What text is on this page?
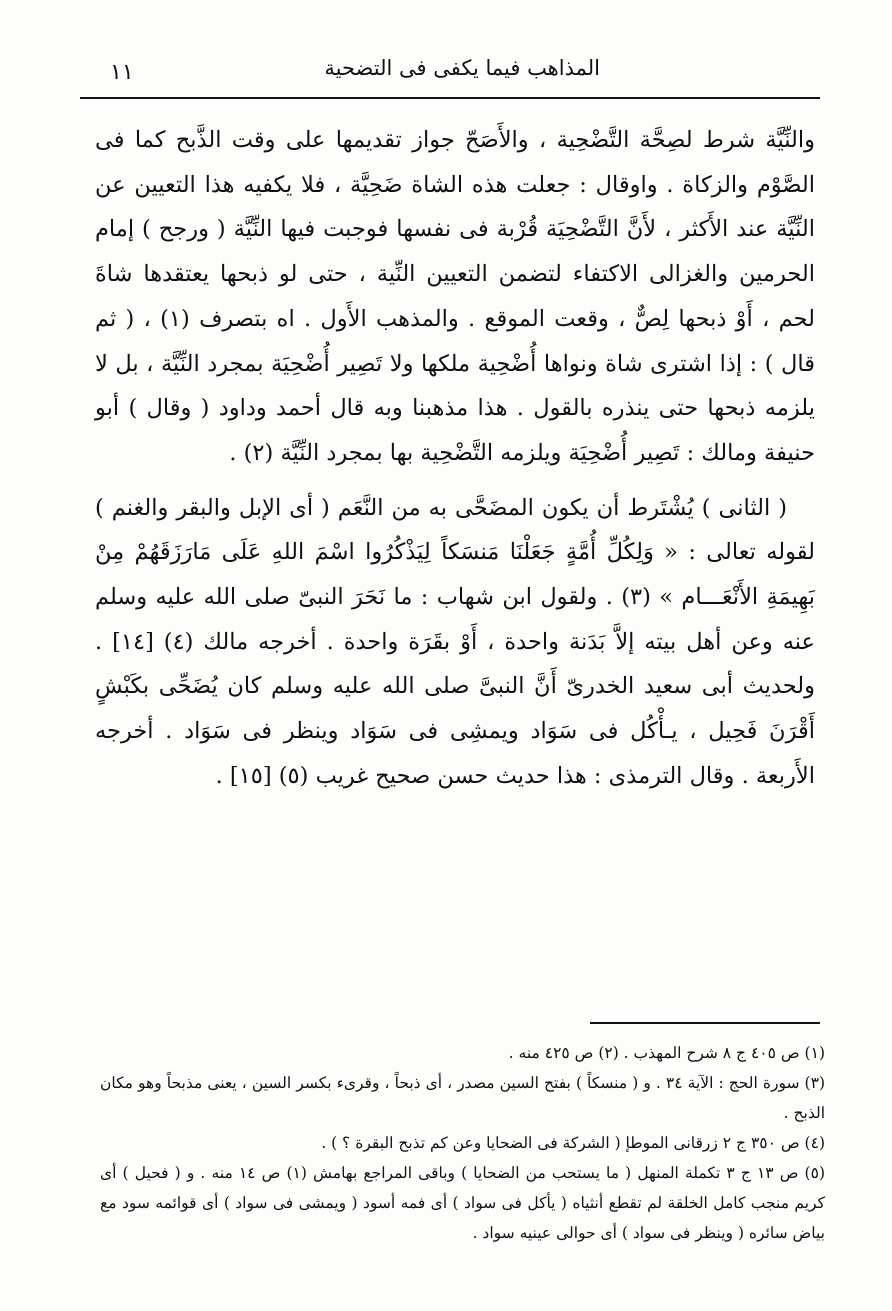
المذاهب فيما يكفى فى التضحية
١١

والنِّيَّة شرط لصِحَّة التَّضْحِية ، والأَصَحّ جواز تقديمها على وقت الذَّبح كما فى الصَّوْم والزكاة . واوقال : جعلت هذه الشاة ضَحِيَّة ، فلا يكفيه هذا التعيين عن النِّيَّة عند الأَكثر ، لأَنَّ التَّضْحِيَة قُرْبة فى نفسها فوجبت فيها النِّيَّة ( ورجح ) إمام الحرمين والغزالى الاكتفاء لتضمن التعيين النِّية ، حتى لو ذبحها يعتقدها شاةَ لحم ، أَوْ ذبحها لِصٌّ ، وقعت الموقع . والمذهب الأَول . اه بتصرف (١) ، ( ثم قال ) : إذا اشترى شاة ونواها أُضْحِية ملكها ولا تَصِير أُضْحِيَة بمجرد النِّيَّة ، بل لا يلزمه ذبحها حتى ينذره بالقول . هذا مذهبنا وبه قال أحمد وداود ( وقال ) أبو حنيفة ومالك : تَصِير أُضْحِيَة ويلزمه التَّضْحِية بها بمجرد النِّيَّة (٢) .

( الثانى ) يُشْتَرط أن يكون المضَحَّى به من النَّعَم ( أى الإبل والبقر والغنم ) لقوله تعالى : « وَلِكُلِّ أُمَّةٍ جَعَلْنَا مَنسَكاً لِيَذْكُرُوا اسْمَ اللهِ عَلَى مَارَزَقَهُمْ مِنْ بَهِيمَةِ الأَنْعَـــام » (٣) . ولقول ابن شهاب : ما نَحَرَ النبىّ صلى الله عليه وسلم عنه وعن أهل بيته إلاَّ بَدَنة واحدة ، أَوْ بقَرَة واحدة . أخرجه مالك (٤) [١٤] . ولحديث أبى سعيد الخدرىّ أَنَّ النبىَّ صلى الله عليه وسلم كان يُضَحِّى بكَبْشٍ أَقْرَنَ فَحِيل ، يـأْكُل فى سَوَاد ويمشِى فى سَوَاد وينظر فى سَوَاد . أخرجه الأَربعة . وقال الترمذى : هذا حديث حسن صحيح غريب (٥) [١٥] .

(١) ص ٤٠٥ ج ٨ شرح المهذب . (٢) ص ٤٢٥ منه .
(٣) سورة الحج : الآية ٣٤ . و ( منسكاً ) بفتح السين مصدر ، أى ذبحاً ، وقرىء بكسر السين ، يعنى مذبحاً وهو مكان الذبح .
(٤) ص ٣٥٠ ج ٢ زرقانى الموطإ ( الشركة فى الضحايا وعن كم تذبح البقرة ؟ ) .
(٥) ص ١٣ ج ٣ تكملة المنهل ( ما يستحب من الضحايا ) وباقى المراجع بهامش (١) ص ١٤ منه . و ( فحيل ) أى كريم منجب كامل الخلقة لم تقطع أنثياه ( يأكل فى سواد ) أى فمه أسود ( ويمشى فى سواد ) أى قوائمه سود مع بياض سائره ( وينظر فى سواد ) أى حوالى عينيه سواد .
